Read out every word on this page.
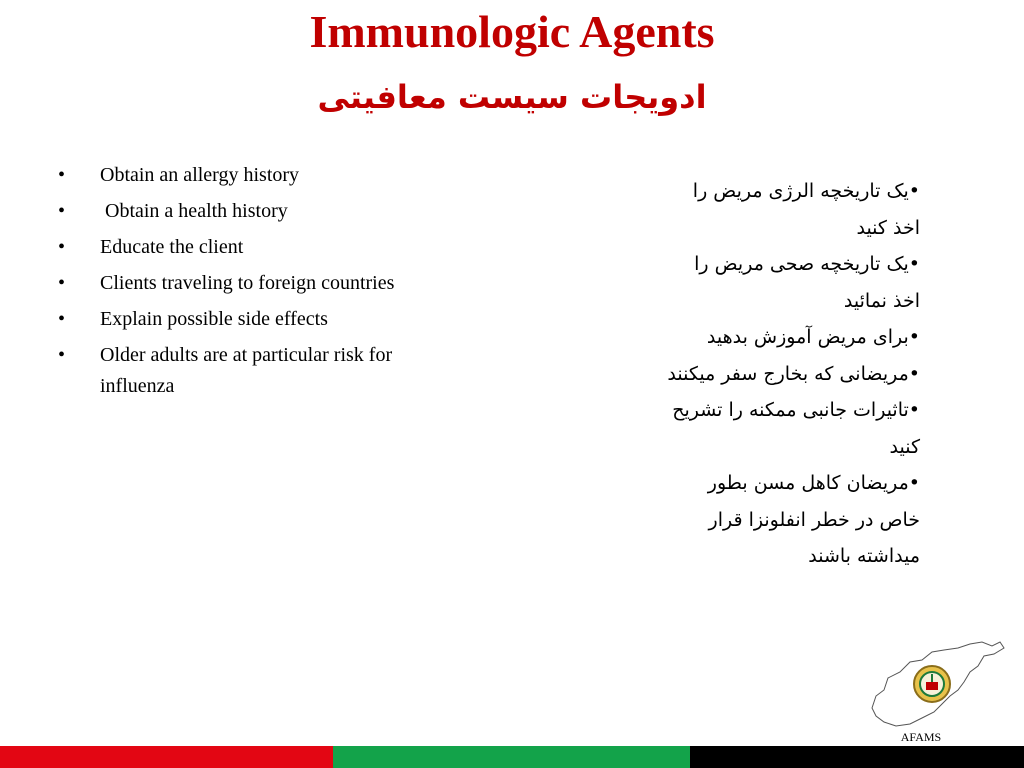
Immunologic Agents
ادویجات سیست معافیتی
• Obtain an allergy history
• Obtain a health history
• Educate the client
• Clients traveling to foreign countries
• Explain possible side effects
• Older adults are at particular risk for influenza

•یک تاریخچه الرژی مریض را

اخذ کنید

•یک تاریخچه صحی مریض را

اخذ نمائید

•برای مریض آموزش بدهید

•مریضانی که بخارج سفر میکنند

•تاثیرات جانبی ممکنه را تشریح

کنید

•مریضان کاهل مسن بطور

خاص در خطر انفلونزا قرار

میداشته باشند

AFAMS
